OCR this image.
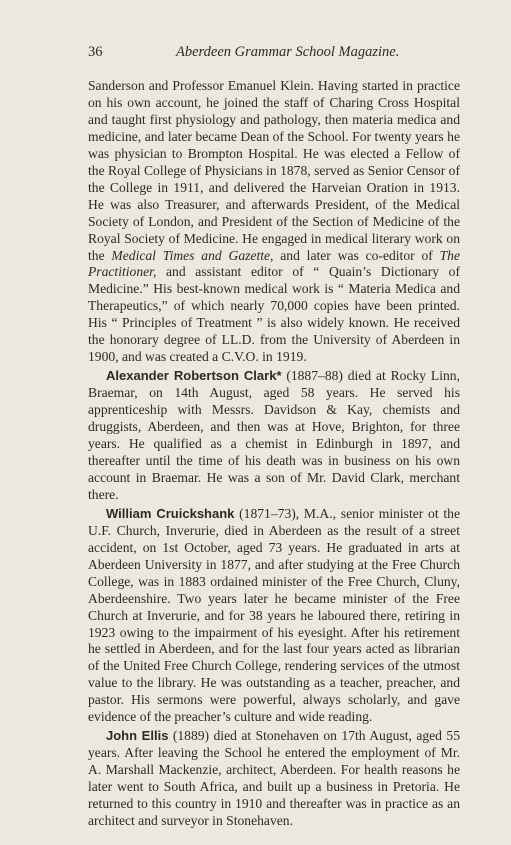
36	Aberdeen Grammar School Magazine.

Sanderson and Professor Emanuel Klein. Having started in practice on his own account, he joined the staff of Charing Cross Hospital and taught first physiology and pathology, then materia medica and medicine, and later became Dean of the School. For twenty years he was physician to Brompton Hospital. He was elected a Fellow of the Royal College of Physicians in 1878, served as Senior Censor of the College in 1911, and delivered the Harveian Oration in 1913. He was also Treasurer, and afterwards President, of the Medical Society of London, and President of the Section of Medicine of the Royal Society of Medicine. He engaged in medical literary work on the Medical Times and Gazette, and later was co-editor of The Practitioner, and assistant editor of “ Quain’s Dictionary of Medicine.” His best-known medical work is “ Materia Medica and Therapeutics,” of which nearly 70,000 copies have been printed. His “ Principles of Treatment ” is also widely known. He received the honorary degree of LL.D. from the University of Aberdeen in 1900, and was created a C.V.O. in 1919.

Alexander Robertson Clark* (1887–88) died at Rocky Linn, Braemar, on 14th August, aged 58 years. He served his apprenticeship with Messrs. Davidson & Kay, chemists and druggists, Aberdeen, and then was at Hove, Brighton, for three years. He qualified as a chemist in Edinburgh in 1897, and thereafter until the time of his death was in business on his own account in Braemar. He was a son of Mr. David Clark, merchant there.

William Cruickshank (1871–73), M.A., senior minister ot the U.F. Church, Inverurie, died in Aberdeen as the result of a street accident, on 1st October, aged 73 years. He graduated in arts at Aberdeen University in 1877, and after studying at the Free Church College, was in 1883 ordained minister of the Free Church, Cluny, Aberdeenshire. Two years later he became minister of the Free Church at Inverurie, and for 38 years he laboured there, retiring in 1923 owing to the impairment of his eyesight. After his retirement he settled in Aberdeen, and for the last four years acted as librarian of the United Free Church College, rendering services of the utmost value to the library. He was outstanding as a teacher, preacher, and pastor. His sermons were powerful, always scholarly, and gave evidence of the preacher’s culture and wide reading.

John Ellis (1889) died at Stonehaven on 17th August, aged 55 years. After leaving the School he entered the employment of Mr. A. Marshall Mackenzie, architect, Aberdeen. For health reasons he later went to South Africa, and built up a business in Pretoria. He returned to this country in 1910 and thereafter was in practice as an architect and surveyor in Stonehaven.
